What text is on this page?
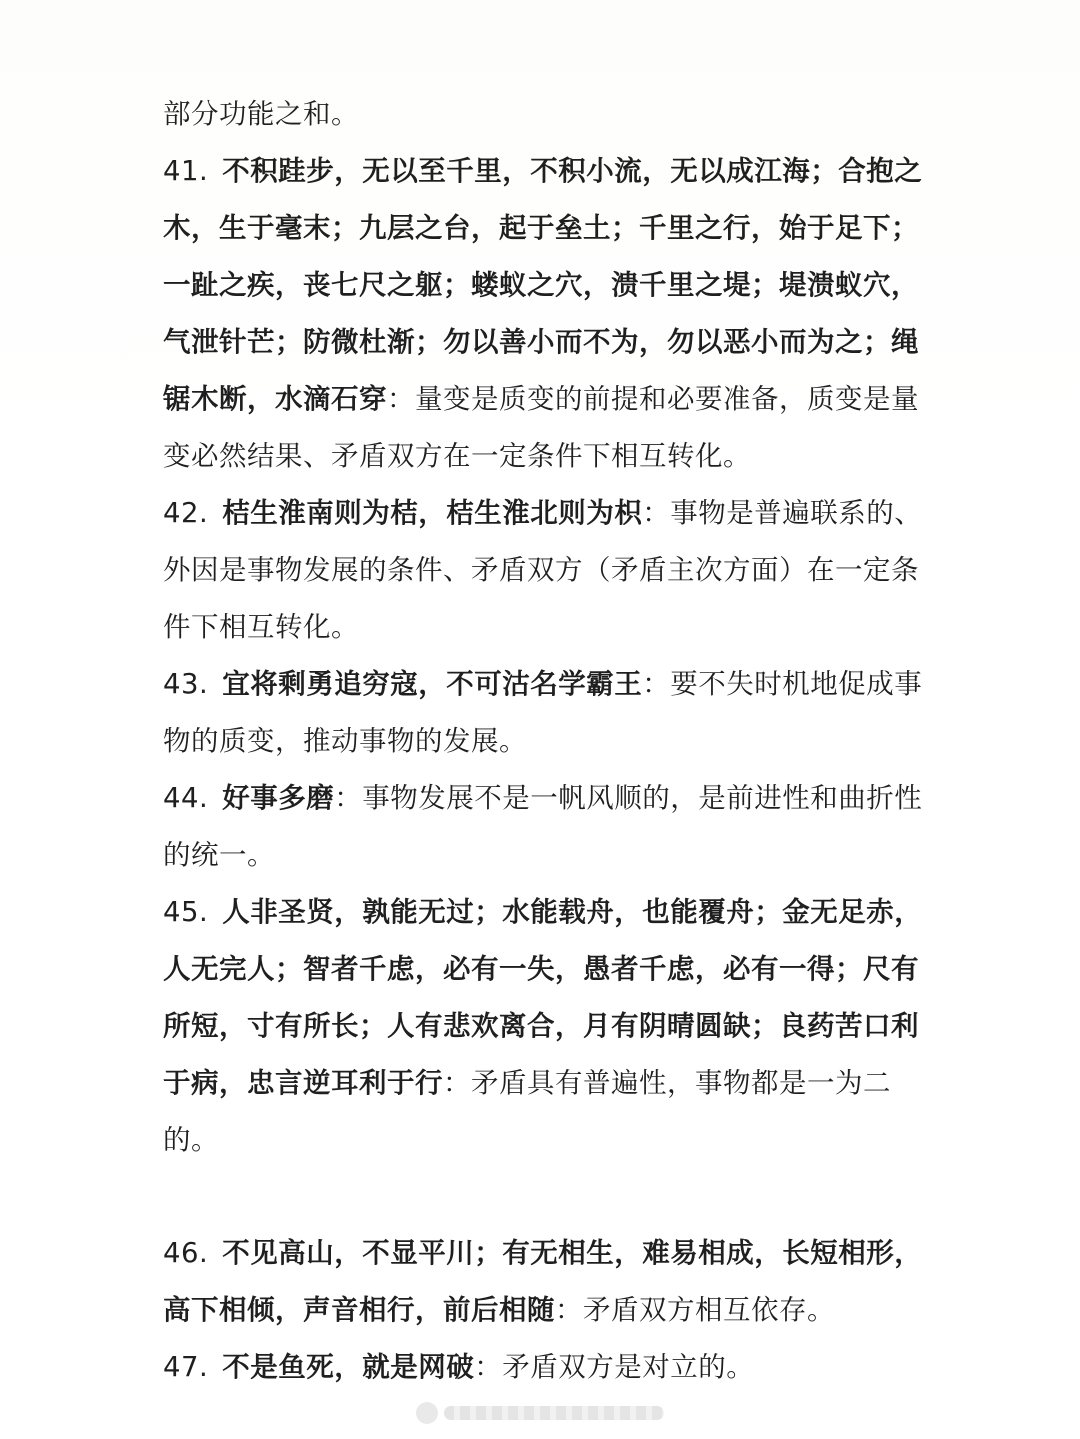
部分功能之和。

41. 不积跬步，无以至千里，不积小流，无以成江海；合抱之木，生于毫末；九层之台，起于垒土；千里之行，始于足下；一趾之疾，丧七尺之躯；蝼蚁之穴，溃千里之堤；堤溃蚁穴，气泄针芒；防微杜渐；勿以善小而不为，勿以恶小而为之；绳锯木断，水滴石穿：量变是质变的前提和必要准备，质变是量变必然结果、矛盾双方在一定条件下相互转化。

42. 桔生淮南则为桔，桔生淮北则为枳：事物是普遍联系的、外因是事物发展的条件、矛盾双方（矛盾主次方面）在一定条件下相互转化。

43. 宜将剩勇追穷寇，不可沽名学霸王：要不失时机地促成事物的质变，推动事物的发展。

44. 好事多磨：事物发展不是一帆风顺的，是前进性和曲折性的统一。

45. 人非圣贤，孰能无过；水能载舟，也能覆舟；金无足赤，人无完人；智者千虑，必有一失，愚者千虑，必有一得；尺有所短，寸有所长；人有悲欢离合，月有阴晴圆缺；良药苦口利于病，忠言逆耳利于行：矛盾具有普遍性，事物都是一为二的。

46. 不见高山，不显平川；有无相生，难易相成，长短相形，高下相倾，声音相行，前后相随：矛盾双方相互依存。

47. 不是鱼死，就是网破：矛盾双方是对立的。
